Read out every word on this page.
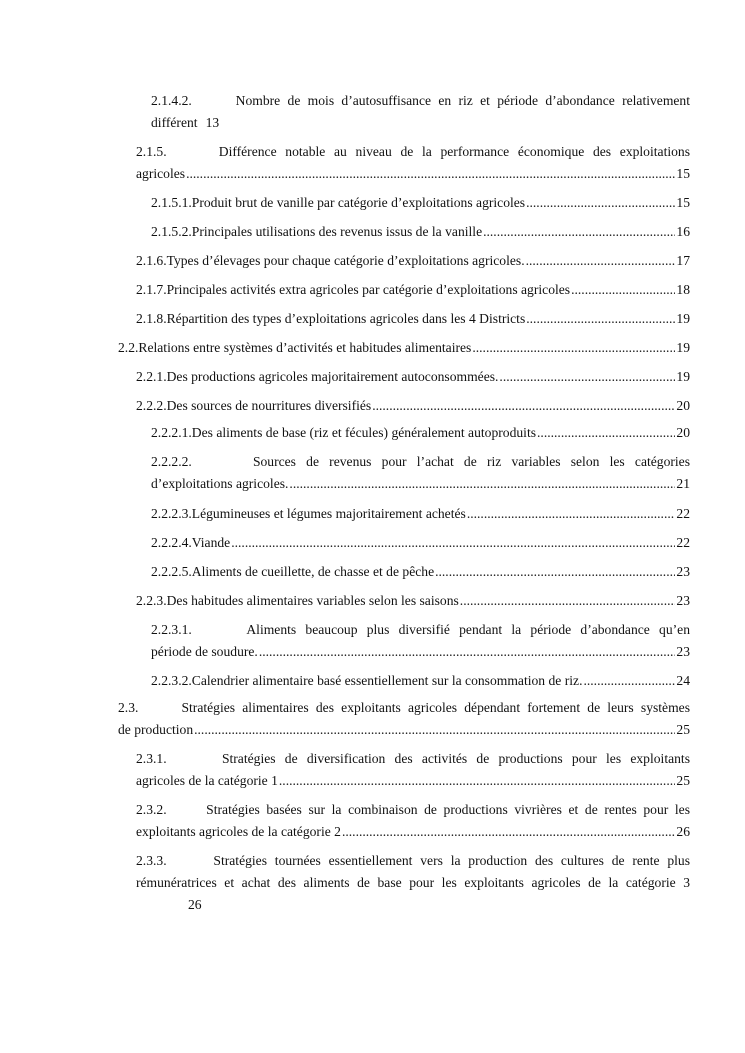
2.1.4.2.	Nombre de mois d’autosuffisance en riz et période d’abondance relativement
différent 13
2.1.5.	Différence notable au niveau de la performance économique des exploitations
agricoles .....	15
2.1.5.1. Produit brut de vanille par catégorie d’exploitations agricoles .....	15
2.1.5.2. Principales utilisations des revenus issus de la vanille .....	16
2.1.6. Types d’élevages pour chaque catégorie d’exploitations agricoles. .....	17
2.1.7. Principales activités extra agricoles par catégorie d’exploitations agricoles .....	18
2.1.8. Répartition des types d’exploitations agricoles dans les 4 Districts .....	19
2.2. Relations entre systèmes d’activités et habitudes alimentaires .....	19
2.2.1. Des productions agricoles majoritairement autoconsommées. .....	19
2.2.2. Des sources de nourritures diversifiés .....	20
2.2.2.1. Des aliments de base (riz et fécules) généralement autoproduits .....	20
2.2.2.2.	Sources de revenus pour l’achat de riz variables selon les catégories
d’exploitations agricoles. .....	21
2.2.2.3. Légumineuses et légumes majoritairement achetés .....	22
2.2.2.4. Viande .....	22
2.2.2.5. Aliments de cueillette, de chasse et de pêche .....	23
2.2.3. Des habitudes alimentaires variables selon les saisons .....	23
2.2.3.1.	Aliments beaucoup plus diversifié pendant la période d’abondance qu’en
période de soudure. .....	23
2.2.3.2. Calendrier alimentaire basé essentiellement sur la consommation de riz. .....	24
2.3.	Stratégies alimentaires des exploitants agricoles dépendant fortement de leurs systèmes
de production .....	25
2.3.1.	Stratégies de diversification des activités de productions pour les exploitants
agricoles de la catégorie 1 .....	25
2.3.2.	Stratégies basées sur la combinaison de productions vivrières et de rentes pour les
exploitants agricoles de la catégorie 2 .....	26
2.3.3.	Stratégies tournées essentiellement vers la production des cultures de rente plus
rémunératrices et achat des aliments de base pour les exploitants agricoles de la catégorie 3
26
